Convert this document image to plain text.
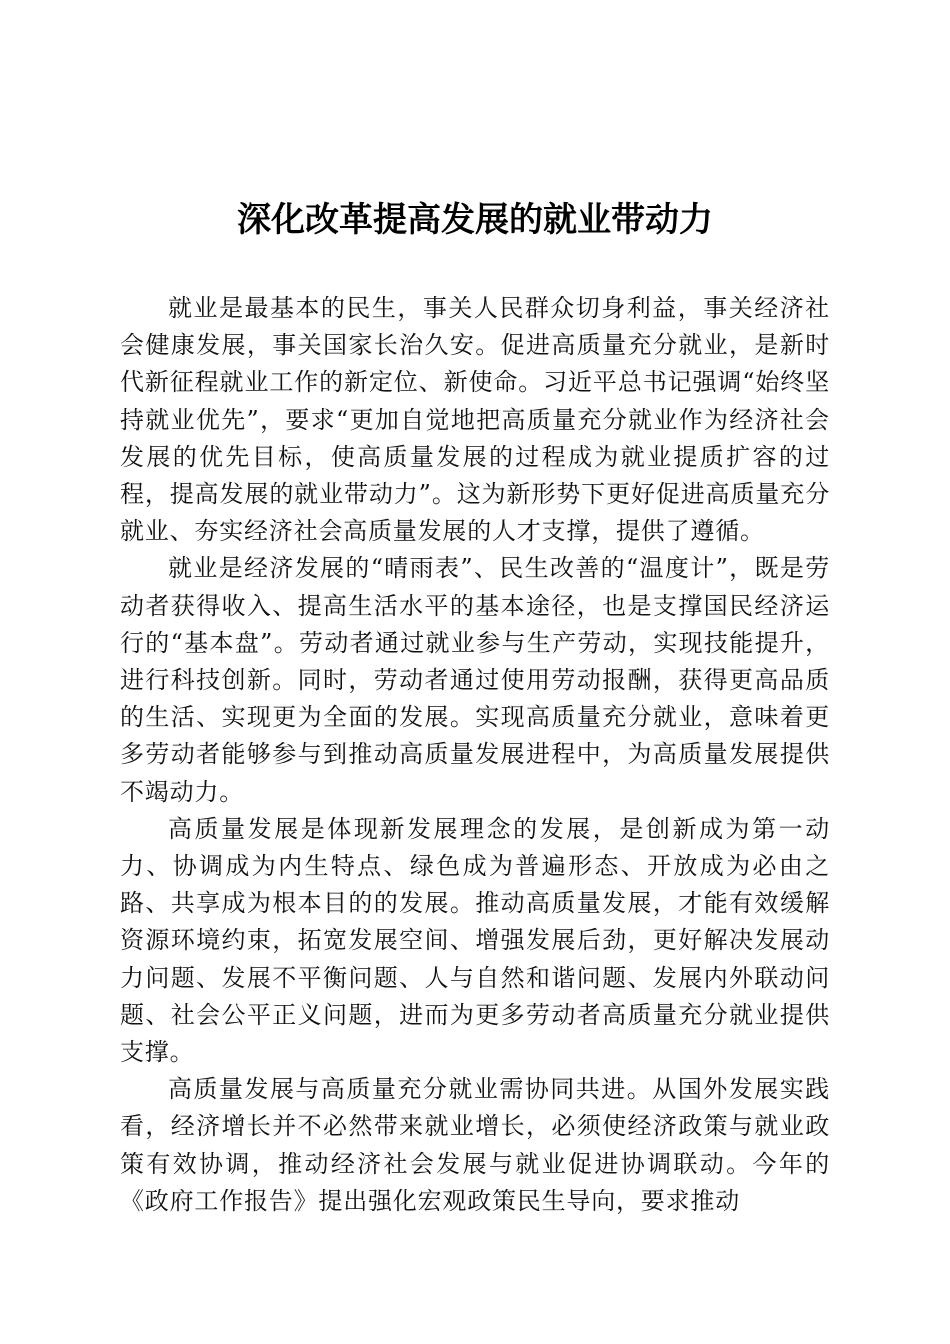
深化改革提高发展的就业带动力

就业是最基本的民生，事关人民群众切身利益，事关经济社会健康发展，事关国家长治久安。促进高质量充分就业，是新时代新征程就业工作的新定位、新使命。习近平总书记强调“始终坚持就业优先”，要求“更加自觉地把高质量充分就业作为经济社会发展的优先目标，使高质量发展的过程成为就业提质扩容的过程，提高发展的就业带动力”。这为新形势下更好促进高质量充分就业、夯实经济社会高质量发展的人才支撑，提供了遵循。

就业是经济发展的“晴雨表”、民生改善的“温度计”，既是劳动者获得收入、提高生活水平的基本途径，也是支撑国民经济运行的“基本盘”。劳动者通过就业参与生产劳动，实现技能提升，进行科技创新。同时，劳动者通过使用劳动报酬，获得更高品质的生活、实现更为全面的发展。实现高质量充分就业，意味着更多劳动者能够参与到推动高质量发展进程中，为高质量发展提供不竭动力。

高质量发展是体现新发展理念的发展，是创新成为第一动力、协调成为内生特点、绿色成为普遍形态、开放成为必由之路、共享成为根本目的的发展。推动高质量发展，才能有效缓解资源环境约束，拓宽发展空间、增强发展后劲，更好解决发展动力问题、发展不平衡问题、人与自然和谐问题、发展内外联动问题、社会公平正义问题，进而为更多劳动者高质量充分就业提供支撑。

高质量发展与高质量充分就业需协同共进。从国外发展实践看，经济增长并不必然带来就业增长，必须使经济政策与就业政策有效协调，推动经济社会发展与就业促进协调联动。今年的《政府工作报告》提出强化宏观政策民生导向，要求推动
